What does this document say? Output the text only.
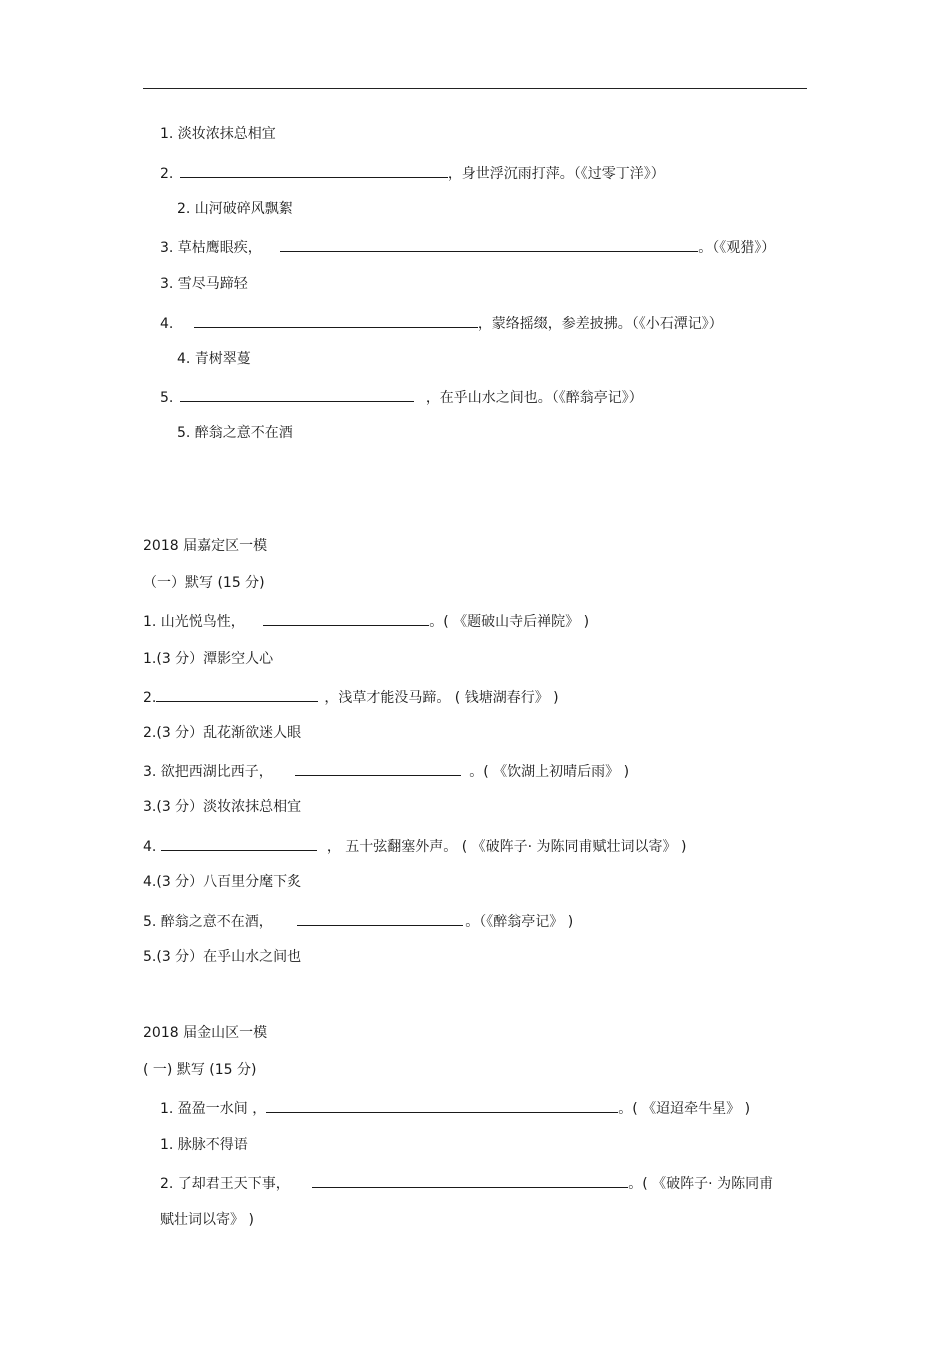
1. 淡妆浓抹总相宜
2.	，身世浮沉雨打萍。（《过零丁洋》）
2. 山河破碎风飘絮
3. 草枯鹰眼疾，	。（《观猎》）
3. 雪尽马蹄轻
4.	，蒙络摇缀，参差披拂。（《小石潭记》）
4. 青树翠蔓
5.	，在乎山水之间也。（《醉翁亭记》）
5. 醉翁之意不在酒
2018 届嘉定区一模
（一）默写 (15 分)
1. 山光悦鸟性，	。( 《题破山寺后禅院》 )
1.(3 分）潭影空人心
2.	，浅草才能没马蹄。 ( 钱塘湖春行》 )
2.(3 分）乱花渐欲迷人眼
3. 欲把西湖比西子，	。( 《饮湖上初晴后雨》 )
3.(3 分）淡妆浓抹总相宜
4.	， 五十弦翻塞外声。 ( 《破阵子· 为陈同甫赋壮词以寄》 )
4.(3 分）八百里分麾下炙
5. 醉翁之意不在酒，	。（《醉翁亭记》 )
5.(3 分）在乎山水之间也
2018 届金山区一模
( 一) 默写 (15 分)
1. 盈盈一水间 ，	。( 《迢迢牵牛星》 )
1. 脉脉不得语
2. 了却君王天下事，	。( 《破阵子· 为陈同甫
赋壮词以寄》 )
